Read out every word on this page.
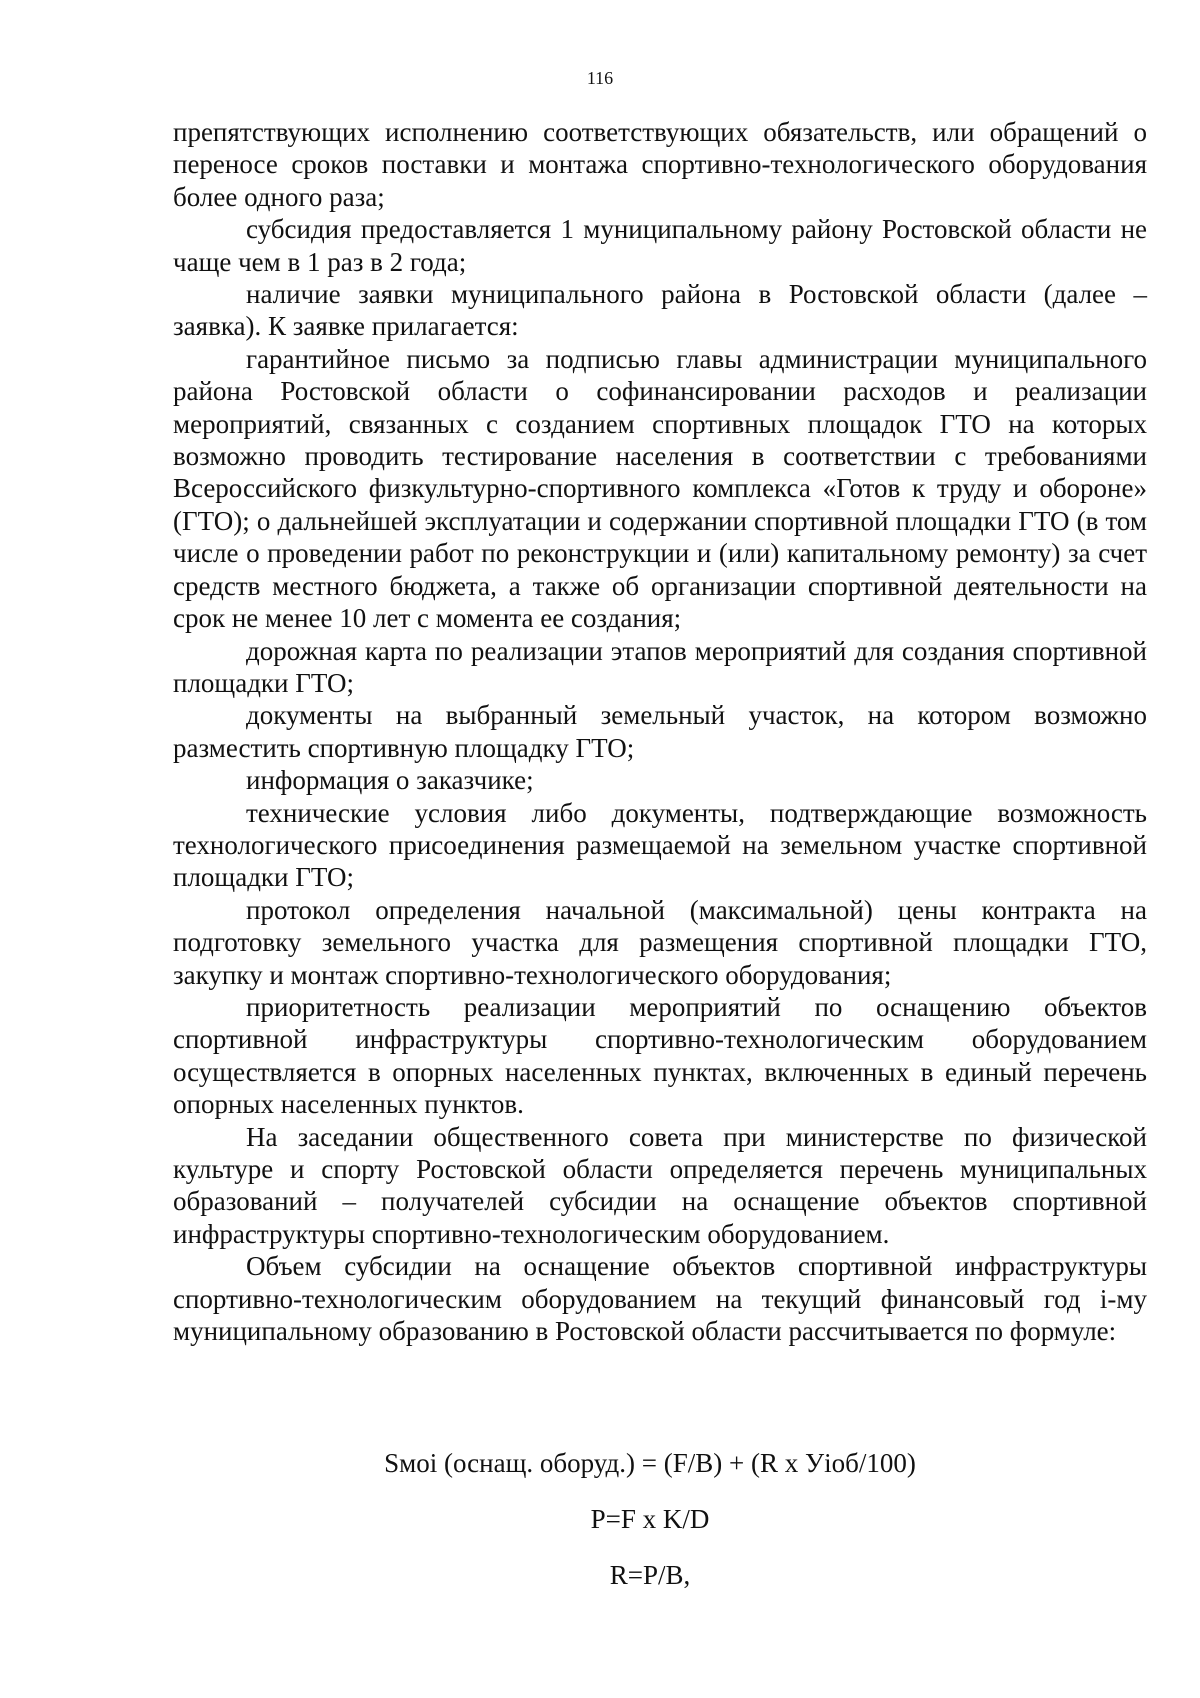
116

препятствующих исполнению соответствующих обязательств, или обращений о переносе сроков поставки и монтажа спортивно-технологического оборудования более одного раза;

субсидия предоставляется 1 муниципальному району Ростовской области не чаще чем в 1 раз в 2 года;

наличие заявки муниципального района в Ростовской области (далее – заявка). К заявке прилагается:

гарантийное письмо за подписью главы администрации муниципального района Ростовской области о софинансировании расходов и реализации мероприятий, связанных с созданием спортивных площадок ГТО на которых возможно проводить тестирование населения в соответствии с требованиями Всероссийского физкультурно-спортивного комплекса «Готов к труду и обороне» (ГТО); о дальнейшей эксплуатации и содержании спортивной площадки ГТО (в том числе о проведении работ по реконструкции и (или) капитальному ремонту) за счет средств местного бюджета, а также об организации спортивной деятельности на срок не менее 10 лет с момента ее создания;

дорожная карта по реализации этапов мероприятий для создания спортивной площадки ГТО;

документы на выбранный земельный участок, на котором возможно разместить спортивную площадку ГТО;

информация о заказчике;

технические условия либо документы, подтверждающие возможность технологического присоединения размещаемой на земельном участке спортивной площадки ГТО;

протокол определения начальной (максимальной) цены контракта на подготовку земельного участка для размещения спортивной площадки ГТО, закупку и монтаж спортивно-технологического оборудования;

приоритетность реализации мероприятий по оснащению объектов спортивной инфраструктуры спортивно-технологическим оборудованием осуществляется в опорных населенных пунктах, включенных в единый перечень опорных населенных пунктов.

На заседании общественного совета при министерстве по физической культуре и спорту Ростовской области определяется перечень муниципальных образований – получателей субсидии на оснащение объектов спортивной инфраструктуры спортивно-технологическим оборудованием.

Объем субсидии на оснащение объектов спортивной инфраструктуры спортивно-технологическим оборудованием на текущий финансовый год i-му муниципальному образованию в Ростовской области рассчитывается по формуле:

Sмоi (оснащ. оборуд.) = (F/B) + (R x Уioб/100)

P=F x K/D

R=P/B,
